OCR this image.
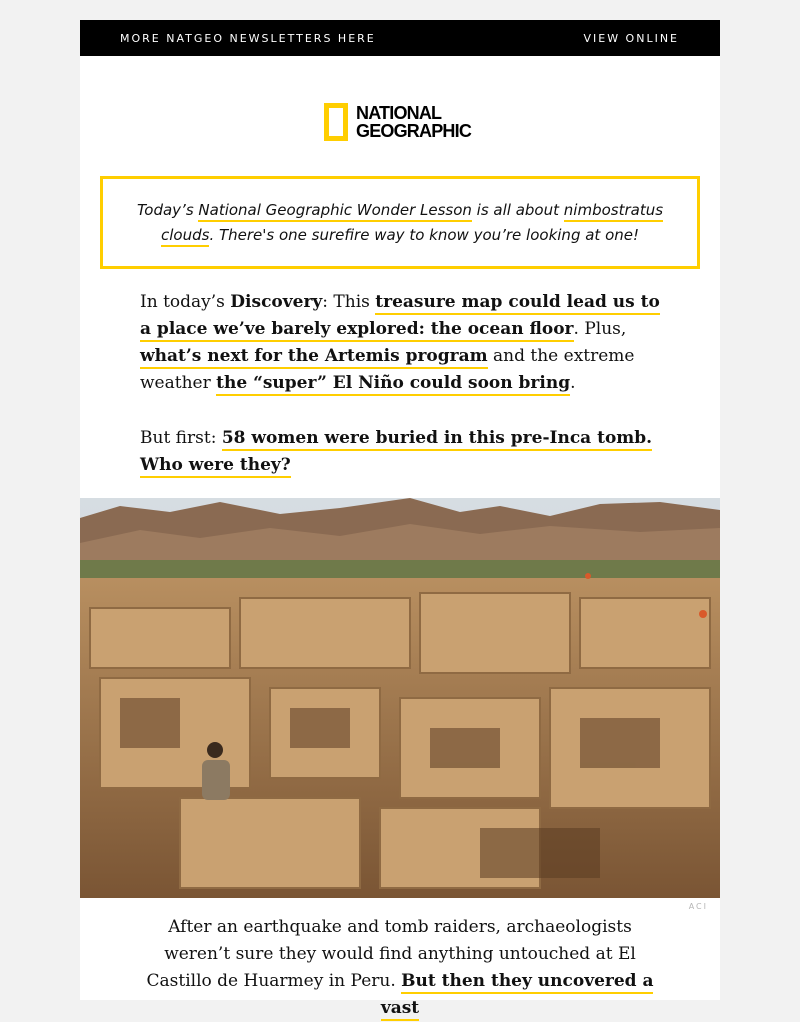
MORE NATGEO NEWSLETTERS HERE	VIEW ONLINE
NATIONAL
GEOGRAPHIC
Today’s National Geographic Wonder Lesson is all about nimbostratus clouds. There's one surefire way to know you’re looking at one!
In today’s Discovery: This treasure map could lead us to a place we’ve barely explored: the ocean floor. Plus, what’s next for the Artemis program and the extreme weather the “super” El Niño could soon bring.
But first: 58 women were buried in this pre-Inca tomb. Who were they?
ACI
After an earthquake and tomb raiders, archaeologists weren’t sure they would find anything untouched at El Castillo de Huarmey in Peru. But then they uncovered a vast
